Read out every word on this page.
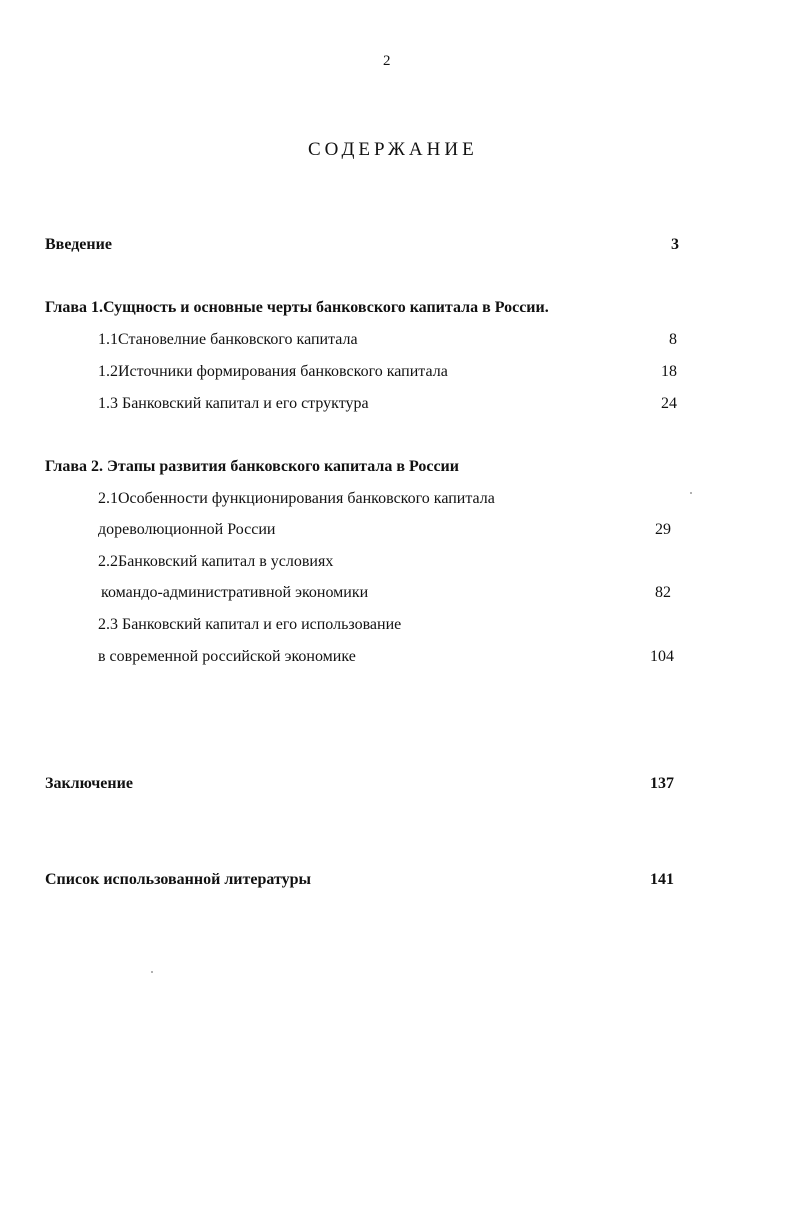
2
СОДЕРЖАНИЕ
Введение	3
Глава 1.Сущность и основные черты банковского капитала в России.
1.1Становелние банковского капитала	8
1.2Источники формирования банковского капитала	18
1.3 Банковский капитал и его структура	24
Глава 2. Этапы развития банковского капитала в России
2.1Особенности функционирования банковского капитала
дореволюционной России	29
2.2Банковский капитал в условиях
командо-административной экономики	82
2.3 Банковский капитал и его использование
в современной российской экономике	104
Заключение	137
Список использованной литературы	141
